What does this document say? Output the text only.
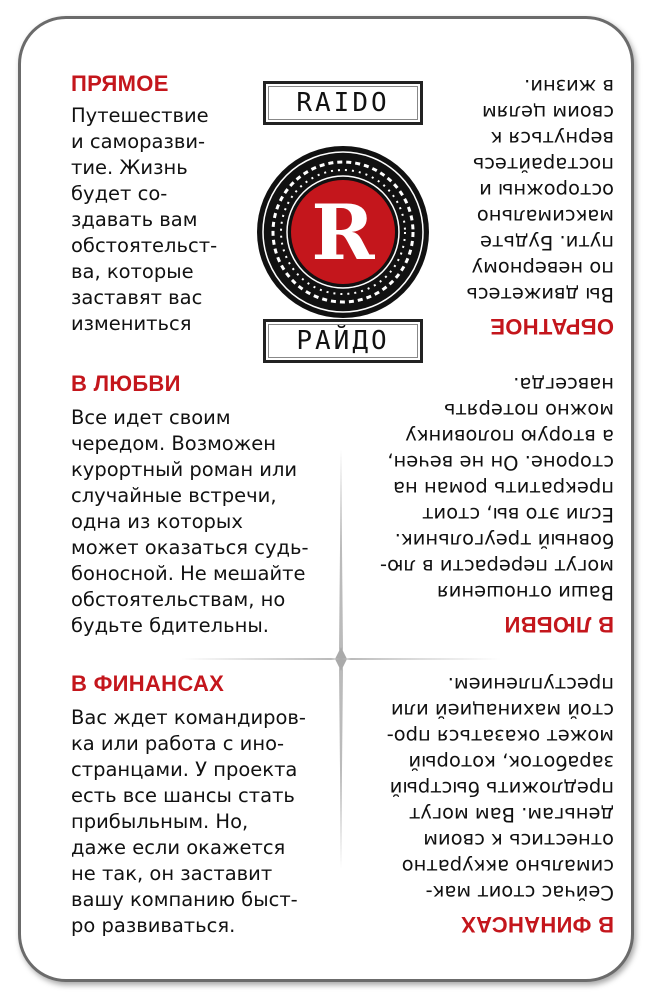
ПРЯМОЕ
Путешествие
и саморазви-
тие. Жизнь
будет со-
здавать вам
обстоятельст-
ва, которые
заставят вас
измениться
В ЛЮБВИ
Все идет своим
чередом. Возможен
курортный роман или
случайные встречи,
одна из которых
может оказаться судь-
боносной. Не мешайте
обстоятельствам, но
будьте бдительны.
В ФИНАНСАХ
Вас ждет командиров-
ка или работа с ино-
странцами. У проекта
есть все шансы стать
прибыльным. Но,
даже если окажется
не так, он заставит
вашу компанию быст-
ро развиваться.
ОБРАТНОЕ
Вы движетесь
по неверному
пути. Будьте
максимально
осторожны и
постарайтесь
вернуться к
своим целям
в жизни.
В ЛЮБВИ
Ваши отношения
могут перерасти в лю-
бовный треугольник.
Если это вы, стоит
прекратить роман на
стороне. Он не вечен,
а вторую половинку
можно потерять
навсегда.
В ФИНАНСАХ
Сейчас стоит мак-
симально аккуратно
отнестись к своим
деньгам. Вам могут
предложить быстрый
заработок, который
может оказаться про-
стой махинацией или
преступлением.
RAIDO
R
РАЙДО
